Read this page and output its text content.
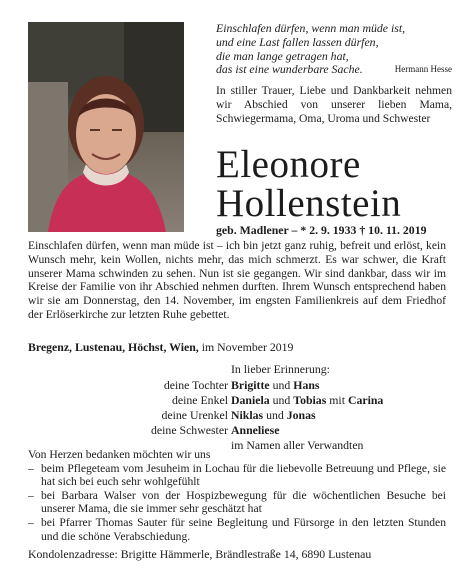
Einschlafen dürfen, wenn man müde ist,
und eine Last fallen lassen dürfen,
die man lange getragen hat,
das ist eine wunderbare Sache.	Hermann Hesse
In stiller Trauer, Liebe und Dankbarkeit nehmen wir Abschied von unserer lieben Mama, Schwiegermama, Oma, Uroma und Schwester
Eleonore
Hollenstein
geb. Madlener – * 2. 9. 1933 † 10. 11. 2019
Einschlafen dürfen, wenn man müde ist – ich bin jetzt ganz ruhig, befreit und erlöst, kein Wunsch mehr, kein Wollen, nichts mehr, das mich schmerzt. Es war schwer, die Kraft unserer Mama schwinden zu sehen. Nun ist sie gegangen. Wir sind dankbar, dass wir im Kreise der Familie von ihr Abschied nehmen durften. Ihrem Wunsch entsprechend haben wir sie am Donnerstag, den 14. November, im engsten Familienkreis auf dem Friedhof der Erlöserkirche zur letzten Ruhe gebettet.
Bregenz, Lustenau, Höchst, Wien, im November 2019
In lieber Erinnerung:
deine Tochter Brigitte und Hans
deine Enkel Daniela und Tobias mit Carina
deine Urenkel Niklas und Jonas
deine Schwester Anneliese
im Namen aller Verwandten
Von Herzen bedanken möchten wir uns
– beim Pflegeteam vom Jesuheim in Lochau für die liebevolle Betreuung und Pflege, sie hat sich bei euch sehr wohlgefühlt
– bei Barbara Walser von der Hospizbewegung für die wöchentlichen Besuche bei unserer Mama, die sie immer sehr geschätzt hat
– bei Pfarrer Thomas Sauter für seine Begleitung und Fürsorge in den letzten Stunden und die schöne Verabschiedung.
Kondolenzadresse: Brigitte Hämmerle, Brändlestraße 14, 6890 Lustenau
